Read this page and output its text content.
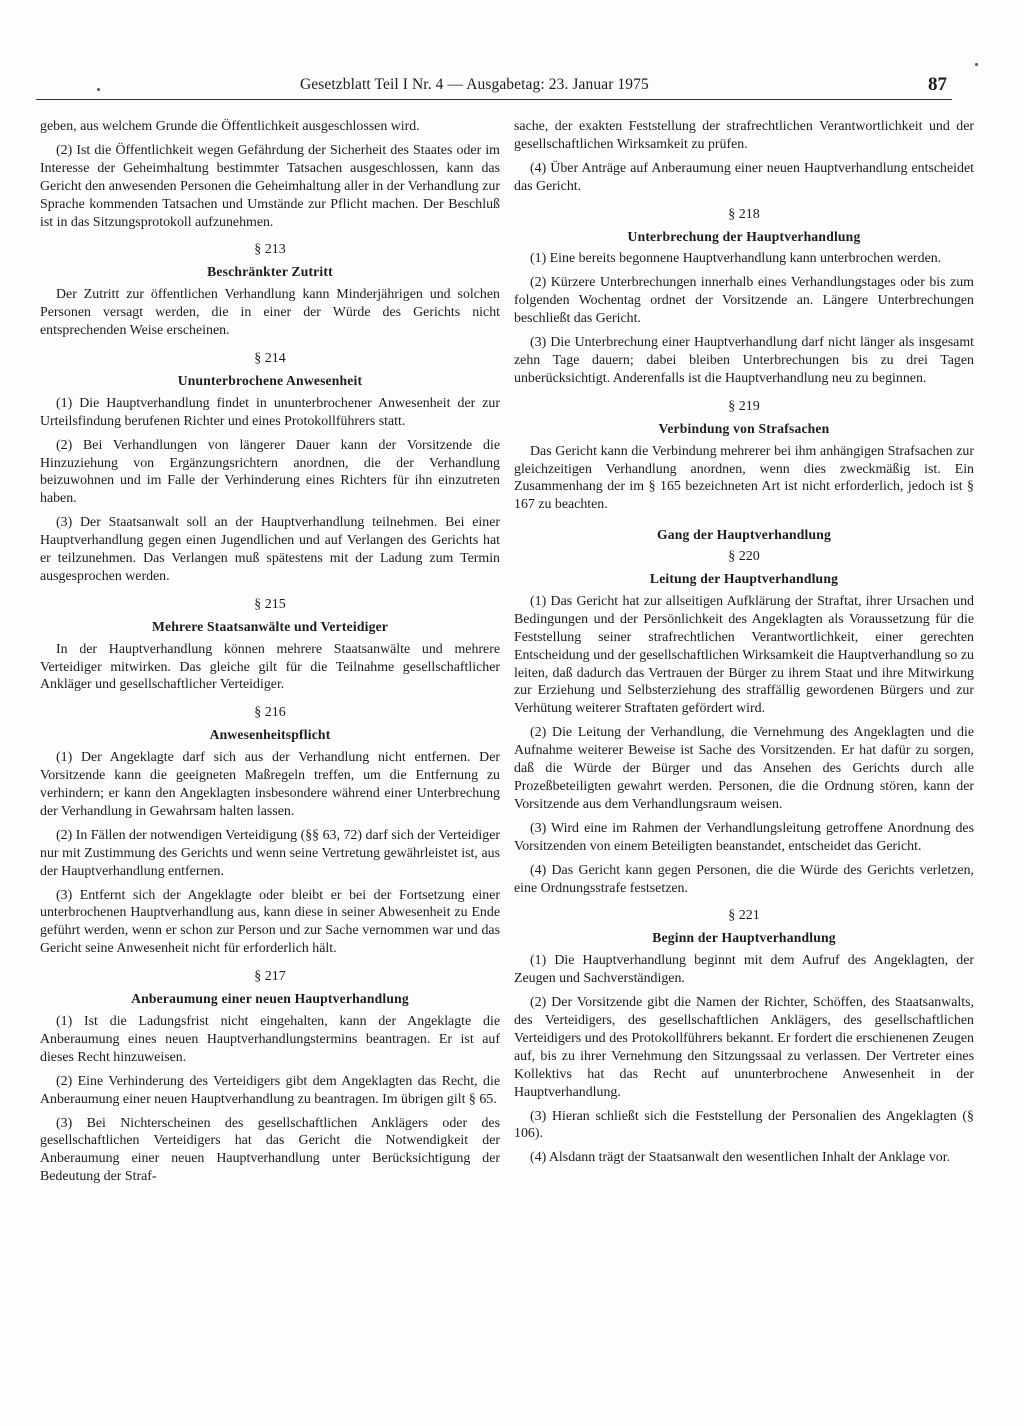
Gesetzblatt Teil I Nr. 4 — Ausgabetag: 23. Januar 1975	87

geben, aus welchem Grunde die Öffentlichkeit ausgeschlossen wird.

(2) Ist die Öffentlichkeit wegen Gefährdung der Sicherheit des Staates oder im Interesse der Geheimhaltung bestimmter Tatsachen ausgeschlossen, kann das Gericht den anwesenden Personen die Geheimhaltung aller in der Verhandlung zur Sprache kommenden Tatsachen und Umstände zur Pflicht machen. Der Beschluß ist in das Sitzungsprotokoll aufzunehmen.

§ 213
Beschränkter Zutritt

Der Zutritt zur öffentlichen Verhandlung kann Minderjährigen und solchen Personen versagt werden, die in einer der Würde des Gerichts nicht entsprechenden Weise erscheinen.

§ 214
Ununterbrochene Anwesenheit

(1) Die Hauptverhandlung findet in ununterbrochener Anwesenheit der zur Urteilsfindung berufenen Richter und eines Protokollführers statt.

(2) Bei Verhandlungen von längerer Dauer kann der Vorsitzende die Hinzuziehung von Ergänzungsrichtern anordnen, die der Verhandlung beizuwohnen und im Falle der Verhinderung eines Richters für ihn einzutreten haben.

(3) Der Staatsanwalt soll an der Hauptverhandlung teilnehmen. Bei einer Hauptverhandlung gegen einen Jugendlichen und auf Verlangen des Gerichts hat er teilzunehmen. Das Verlangen muß spätestens mit der Ladung zum Termin ausgesprochen werden.

§ 215
Mehrere Staatsanwälte und Verteidiger

In der Hauptverhandlung können mehrere Staatsanwälte und mehrere Verteidiger mitwirken. Das gleiche gilt für die Teilnahme gesellschaftlicher Ankläger und gesellschaftlicher Verteidiger.

§ 216
Anwesenheitspflicht

(1) Der Angeklagte darf sich aus der Verhandlung nicht entfernen. Der Vorsitzende kann die geeigneten Maßregeln treffen, um die Entfernung zu verhindern; er kann den Angeklagten insbesondere während einer Unterbrechung der Verhandlung in Gewahrsam halten lassen.

(2) In Fällen der notwendigen Verteidigung (§§ 63, 72) darf sich der Verteidiger nur mit Zustimmung des Gerichts und wenn seine Vertretung gewährleistet ist, aus der Hauptverhandlung entfernen.

(3) Entfernt sich der Angeklagte oder bleibt er bei der Fortsetzung einer unterbrochenen Hauptverhandlung aus, kann diese in seiner Abwesenheit zu Ende geführt werden, wenn er schon zur Person und zur Sache vernommen war und das Gericht seine Anwesenheit nicht für erforderlich hält.

§ 217
Anberaumung einer neuen Hauptverhandlung

(1) Ist die Ladungsfrist nicht eingehalten, kann der Angeklagte die Anberaumung eines neuen Hauptverhandlungstermins beantragen. Er ist auf dieses Recht hinzuweisen.

(2) Eine Verhinderung des Verteidigers gibt dem Angeklagten das Recht, die Anberaumung einer neuen Hauptverhandlung zu beantragen. Im übrigen gilt § 65.

(3) Bei Nichterscheinen des gesellschaftlichen Anklägers oder des gesellschaftlichen Verteidigers hat das Gericht die Notwendigkeit der Anberaumung einer neuen Hauptverhandlung unter Berücksichtigung der Bedeutung der Straf-

sache, der exakten Feststellung der strafrechtlichen Verantwortlichkeit und der gesellschaftlichen Wirksamkeit zu prüfen.

(4) Über Anträge auf Anberaumung einer neuen Hauptverhandlung entscheidet das Gericht.

§ 218
Unterbrechung der Hauptverhandlung

(1) Eine bereits begonnene Hauptverhandlung kann unterbrochen werden.

(2) Kürzere Unterbrechungen innerhalb eines Verhandlungstages oder bis zum folgenden Wochentag ordnet der Vorsitzende an. Längere Unterbrechungen beschließt das Gericht.

(3) Die Unterbrechung einer Hauptverhandlung darf nicht länger als insgesamt zehn Tage dauern; dabei bleiben Unterbrechungen bis zu drei Tagen unberücksichtigt. Anderenfalls ist die Hauptverhandlung neu zu beginnen.

§ 219
Verbindung von Strafsachen

Das Gericht kann die Verbindung mehrerer bei ihm anhängigen Strafsachen zur gleichzeitigen Verhandlung anordnen, wenn dies zweckmäßig ist. Ein Zusammenhang der im § 165 bezeichneten Art ist nicht erforderlich, jedoch ist § 167 zu beachten.

Gang der Hauptverhandlung
§ 220
Leitung der Hauptverhandlung

(1) Das Gericht hat zur allseitigen Aufklärung der Straftat, ihrer Ursachen und Bedingungen und der Persönlichkeit des Angeklagten als Voraussetzung für die Feststellung seiner strafrechtlichen Verantwortlichkeit, einer gerechten Entscheidung und der gesellschaftlichen Wirksamkeit die Hauptverhandlung so zu leiten, daß dadurch das Vertrauen der Bürger zu ihrem Staat und ihre Mitwirkung zur Erziehung und Selbsterziehung des straffällig gewordenen Bürgers und zur Verhütung weiterer Straftaten gefördert wird.

(2) Die Leitung der Verhandlung, die Vernehmung des Angeklagten und die Aufnahme weiterer Beweise ist Sache des Vorsitzenden. Er hat dafür zu sorgen, daß die Würde der Bürger und das Ansehen des Gerichts durch alle Prozeßbeteiligten gewahrt werden. Personen, die die Ordnung stören, kann der Vorsitzende aus dem Verhandlungsraum weisen.

(3) Wird eine im Rahmen der Verhandlungsleitung getroffene Anordnung des Vorsitzenden von einem Beteiligten beanstandet, entscheidet das Gericht.

(4) Das Gericht kann gegen Personen, die die Würde des Gerichts verletzen, eine Ordnungsstrafe festsetzen.

§ 221
Beginn der Hauptverhandlung

(1) Die Hauptverhandlung beginnt mit dem Aufruf des Angeklagten, der Zeugen und Sachverständigen.

(2) Der Vorsitzende gibt die Namen der Richter, Schöffen, des Staatsanwalts, des Verteidigers, des gesellschaftlichen Anklägers, des gesellschaftlichen Verteidigers und des Protokollführers bekannt. Er fordert die erschienenen Zeugen auf, bis zu ihrer Vernehmung den Sitzungssaal zu verlassen. Der Vertreter eines Kollektivs hat das Recht auf ununterbrochene Anwesenheit in der Hauptverhandlung.

(3) Hieran schließt sich die Feststellung der Personalien des Angeklagten (§ 106).

(4) Alsdann trägt der Staatsanwalt den wesentlichen Inhalt der Anklage vor.
